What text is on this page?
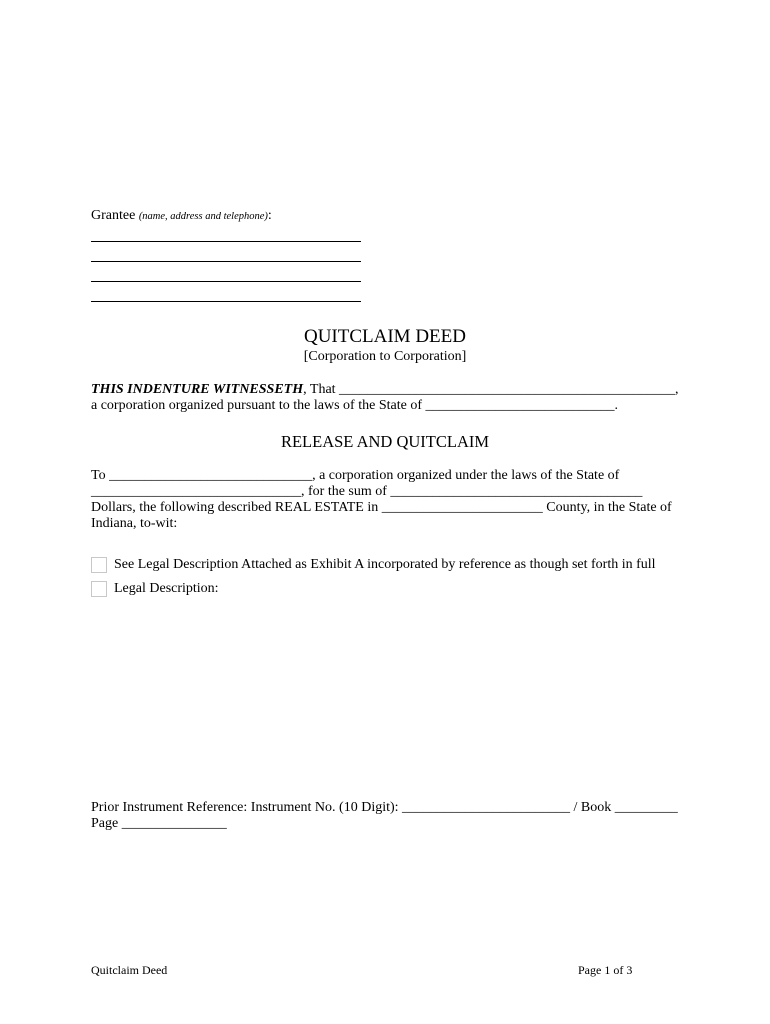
Grantee (name, address and telephone):
QUITCLAIM DEED
[Corporation to Corporation]
THIS INDENTURE WITNESSETH, That ________________________________________________,
a corporation organized pursuant to the laws of the State of ___________________________.
RELEASE AND QUITCLAIM
To _____________________________, a corporation organized under the laws of the State of
______________________________, for the sum of ____________________________________
Dollars, the following described REAL ESTATE in _______________________ County, in the State of
Indiana, to-wit:
See Legal Description Attached as Exhibit A incorporated by reference as though set forth in full
Legal Description:
Prior Instrument Reference: Instrument No. (10 Digit): ________________________ / Book _________
Page _______________
Quitclaim Deed	Page 1 of 3
